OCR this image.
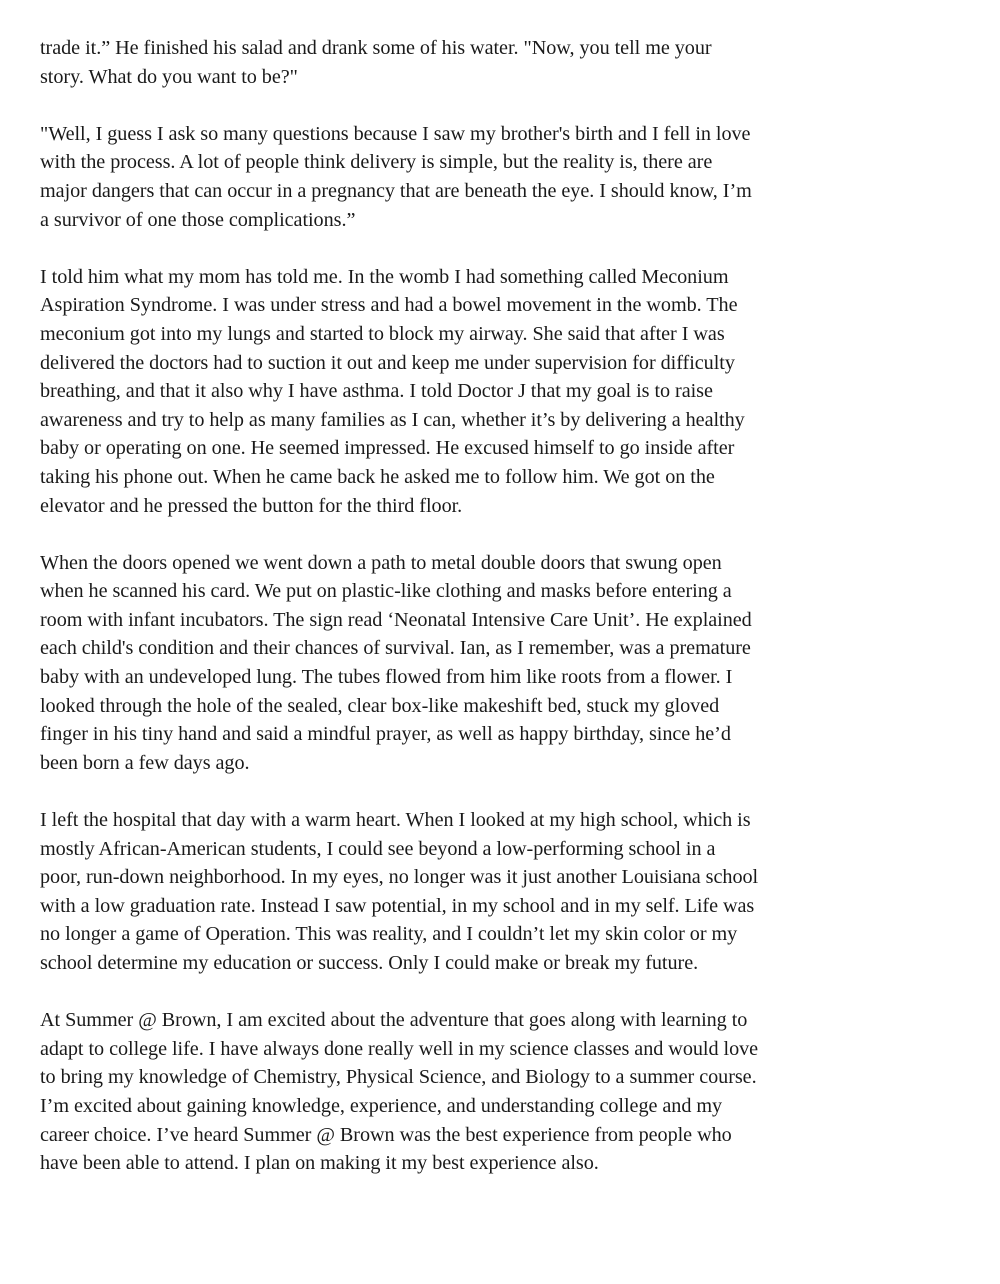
trade it.” He finished his salad and drank some of his water. "Now, you tell me your
story. What do you want to be?"

"Well, I guess I ask so many questions because I saw my brother's birth and I fell in love
with the process. A lot of people think delivery is simple, but the reality is, there are
major dangers that can occur in a pregnancy that are beneath the eye. I should know, I’m
a survivor of one those complications.”

I told him what my mom has told me. In the womb I had something called Meconium
Aspiration Syndrome. I was under stress and had a bowel movement in the womb. The
meconium got into my lungs and started to block my airway. She said that after I was
delivered the doctors had to suction it out and keep me under supervision for difficulty
breathing, and that it also why I have asthma. I told Doctor J that my goal is to raise
awareness and try to help as many families as I can, whether it’s by delivering a healthy
baby or operating on one. He seemed impressed. He excused himself to go inside after
taking his phone out. When he came back he asked me to follow him. We got on the
elevator and he pressed the button for the third floor.

When the doors opened we went down a path to metal double doors that swung open
when he scanned his card. We put on plastic-like clothing and masks before entering a
room with infant incubators. The sign read ‘Neonatal Intensive Care Unit’. He explained
each child's condition and their chances of survival. Ian, as I remember, was a premature
baby with an undeveloped lung. The tubes flowed from him like roots from a flower. I
looked through the hole of the sealed, clear box-like makeshift bed, stuck my gloved
finger in his tiny hand and said a mindful prayer, as well as happy birthday, since he’d
been born a few days ago.

I left the hospital that day with a warm heart. When I looked at my high school, which is
mostly African-American students, I could see beyond a low-performing school in a
poor, run-down neighborhood. In my eyes, no longer was it just another Louisiana school
with a low graduation rate. Instead I saw potential, in my school and in my self. Life was
no longer a game of Operation. This was reality, and I couldn’t let my skin color or my
school determine my education or success. Only I could make or break my future.

At Summer @ Brown, I am excited about the adventure that goes along with learning to
adapt to college life. I have always done really well in my science classes and would love
to bring my knowledge of Chemistry, Physical Science, and Biology to a summer course.
I’m excited about gaining knowledge, experience, and understanding college and my
career choice. I’ve heard Summer @ Brown was the best experience from people who
have been able to attend. I plan on making it my best experience also.
